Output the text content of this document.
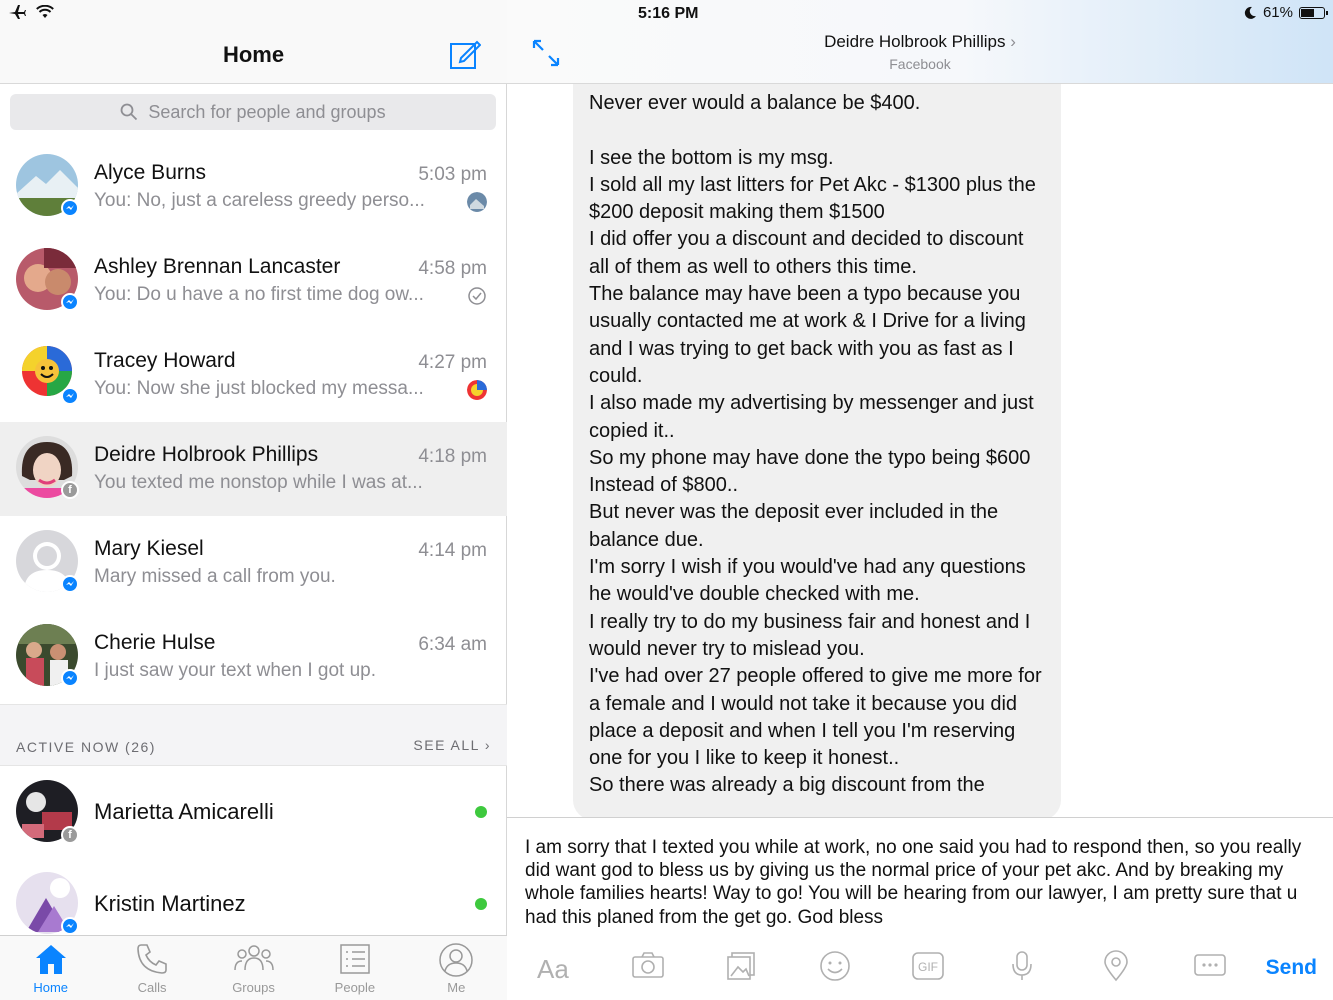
5:16 PM	61%
Home
Search for people and groups
Alyce Burns	5:03 pm
You: No, just a careless greedy perso...
Ashley Brennan Lancaster	4:58 pm
You: Do u have a no first time dog ow...
Tracey Howard	4:27 pm
You: Now she just blocked my messa...
f
Deidre Holbrook Phillips	4:18 pm
You texted me nonstop while I was at...
Mary Kiesel	4:14 pm
Mary missed a call from you.
Cherie Hulse	6:34 am
I just saw your text when I got up.
ACTIVE NOW (26)	SEE ALL ›
f
Marietta Amicarelli
Kristin Martinez
Home	Calls	Groups	People	Me
Deidre Holbrook Phillips ›
Facebook

Never ever would a balance be $400.

I see the bottom is my msg.
I sold all my last litters for Pet Akc - $1300 plus the $200 deposit making them $1500
I did offer you a discount and decided to discount all of them as well to others this time.
The balance may have been a typo because you usually contacted me at work & I Drive for a living and I was trying to get back with you as fast as I could.
I also made my advertising by messenger and just copied it..
So my phone may have done the typo being $600
Instead of $800..
But never was the deposit ever included in the balance due.
I'm sorry I wish if you would've had any questions he would've double checked with me.
I really try to do my business fair and honest and I would never try to mislead you.
I've had over 27 people offered to give me more for a female and I would not take it because you did place a deposit and when I tell you I'm reserving one for you I like to keep it honest..
So there was already a big discount from the

I am sorry that I texted you while at work, no one said you had to respond then, so you really did want god to bless us by giving us the normal price of your pet akc. And by breaking my whole families hearts! Way to go! You will be hearing from our lawyer, I am pretty sure that u had this planed from the get go. God bless
Aa	GIF	Send
